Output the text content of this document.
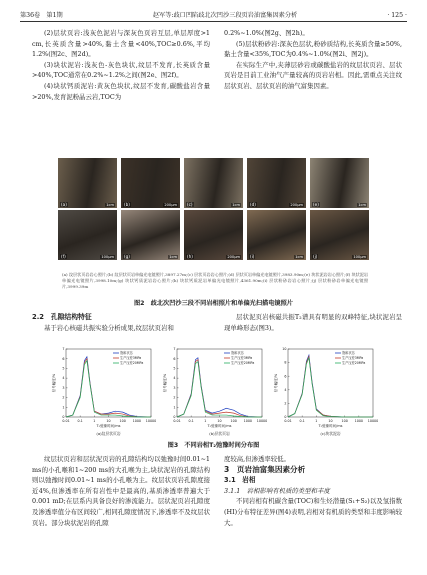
第36卷　第1期	赵军等:歧口凹陷歧北次凹沙三段页岩油富集因素分析	· 125 ·

(2)层状页岩:浅灰色泥岩与深灰色页岩互层,单层厚度>1 cm,长英质含量>40%,黏土含量<40%,TOC≥0.6%,平均1.2%(图2c、图2d)。

(3)块状泥岩:浅灰色-灰色块状,纹层不发育,长英质含量>40%,TOC通常在0.2%~1.2%之间(图2e、图2f)。

(4)块状钙质泥岩:黄灰色块状,纹层不发育,碳酸盐岩含量>20%,发育泥粉晶云岩,TOC为

0.2%~1.0%(图2g、图2h)。

(5)层状粉砂岩:深灰色层状,粉砂质结构,长英质含量≥50%,黏土含量<35%,TOC为0.4%~1.0%(图2i、图2j)。

在实际生产中,夹薄层砂岩或碳酸盐岩的纹层状页岩、层状页岩是目前工业油气产量较高的页岩岩相。因此,需重点关注纹层状页岩、层状页岩的油气富集因素。

(a)	1cm (b)	200μm (c)	1cm (d)	200μm (e)	1cm
(f)	100μm (g)	1cm (h)	200μm (i)	1cm (j)	100μm
(a) 纹层状页岩岩心照片;(b) 纹层状页岩单偏光电镜照片,3897.27m;(c) 层状页岩岩心照片;(d) 层状页岩单偏光电镜照片,3983.90m;(e) 块状泥岩岩心照片;(f) 块状泥岩单偏光电镜照片,3998.10m;(g) 块状钙质泥岩岩心照片;(h) 块状钙质泥岩单偏光电镜照片,4361.90m;(i) 层状粉砂岩岩心照片;(j) 层状粉砂岩单偏光电镜照片,3999.39m
图2　歧北次凹沙三段不同岩相照片和单偏光扫描电镜照片

2.2　孔隙结构特征

基于岩心核磁共振实验分析成果,纹层状页岩和

层状泥页岩核磁共振T₂谱具有明显的双峰特征,块状泥岩呈现单峰形态(图3)。

0.01 0.1	1	10	100 1000 10000
0
1
2
3
4
5
6
7
T₂弛豫时间/ms
信号幅度/%
饱和状态
生产压差3MPa
生产压差20MPa
(a)纹层状页岩
0.01 0.1	1	10	100 1000 10000
0
1
2
3
4
5
6
7
T₂弛豫时间/ms
信号幅度/%
饱和状态
生产压差3MPa
生产压差20MPa
(b)层状页岩
0.01 0.1	1	10	100 1000 10000
0
2
4
6
8
10
T₂弛豫时间/ms
信号幅度/%
饱和状态
生产压差3MPa
生产压差20MPa
(c)块状泥岩
图3　不同岩相T₂弛豫时间分布图

纹层状页岩和层状泥页岩的孔隙结构均以弛豫时间0.01~1 ms的小孔喉和1~200 ms的大孔喉为主,块状泥岩的孔隙结构则以弛豫时间0.01~1 ms的小孔喉为主。纹层状页岩孔隙度接近4%,但渗透率在所有岩性中是最高的,基质渗透率普遍大于0.001 mD;在层系内具备良好的渗流能力。层状泥页岩孔隙度及渗透率值分布区间较广,相同孔隙度情况下,渗透率不及纹层状页岩。部分块状泥岩的孔隙

度较高,但渗透率较低。

3　页岩油富集因素分析

3.1　岩相

3.1.1　岩相影响有机质的类型和丰度

不同岩相有机碳含量(TOC)和生烃潜量(S₁+S₂)以及氢指数(HI)分布特征差异(图4)表明,岩相对有机质的类型和丰度影响较大。
